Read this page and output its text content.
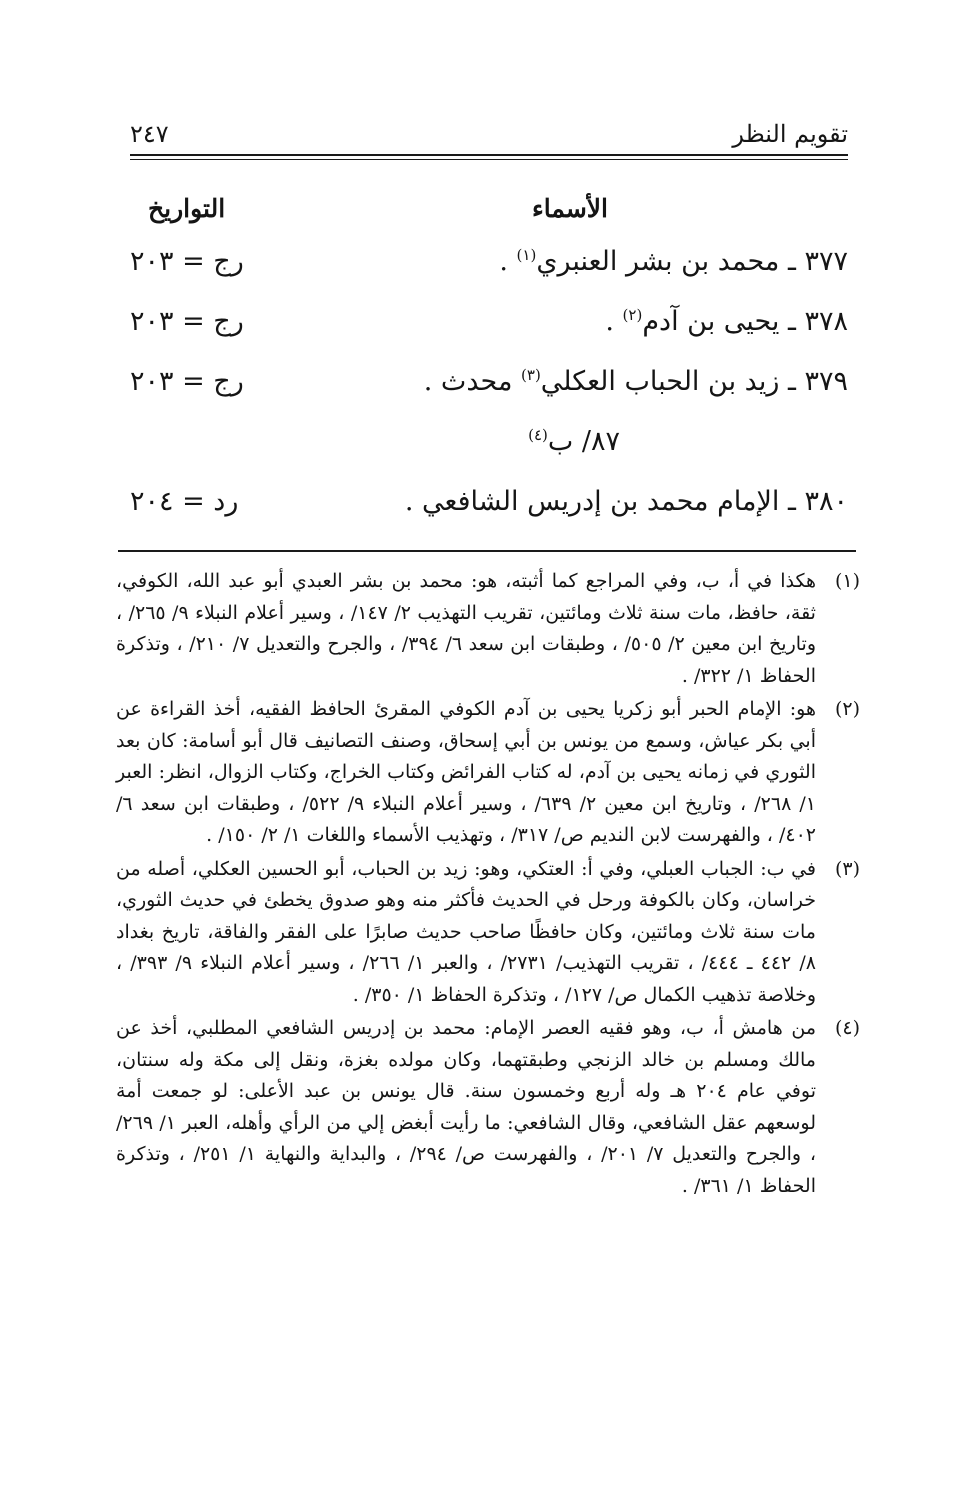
تقويم النظر
٢٤٧
الأسماء
التواريخ
٣٧٧ ـ محمد بن بشر العنبري$^{(١)}$ .
رج = ٢٠٣
٣٧٨ ـ يحيى بن آدم$^{(٢)}$ .
رج = ٢٠٣
٣٧٩ ـ زيد بن الحباب العكلي$^{(٣)}$ محدث .
رج = ٢٠٣
٨٧/ ب$^{(٤)}$
٣٨٠ ـ الإمام محمد بن إدريس الشافعي .
رد = ٢٠٤
(١)
هكذا في أ، ب، وفي المراجع كما أثبته، هو: محمد بن بشر العبدي أبو عبد الله، الكوفي، ثقة، حافظ، مات سنة ثلاث ومائتين، تقريب التهذيب ٢/ ١٤٧/ ، وسير أعلام النبلاء ٩/ ٢٦٥/ ، وتاريخ ابن معين ٢/ ٥٠٥/ ، وطبقات ابن سعد ٦/ ٣٩٤/ ، والجرح والتعديل ٧/ ٢١٠/ ، وتذكرة الحفاظ ١/ ٣٢٢/ .
(٢)
هو: الإمام الحبر أبو زكريا يحيى بن آدم الكوفي المقرئ الحافظ الفقيه، أخذ القراءة عن أبي بكر عياش، وسمع من يونس بن أبي إسحاق، وصنف التصانيف قال أبو أسامة: كان بعد الثوري في زمانه يحيى بن آدم، له كتاب الفرائض وكتاب الخراج، وكتاب الزوال، انظر: العبر ١/ ٢٦٨/ ، وتاريخ ابن معين ٢/ ٦٣٩/ ، وسير أعلام النبلاء ٩/ ٥٢٢/ ، وطبقات ابن سعد ٦/ ٤٠٢/ ، والفهرست لابن النديم ص/ ٣١٧/ ، وتهذيب الأسماء واللغات ١/ ٢/ ١٥٠/ .
(٣)
في ب: الجباب العبلي، وفي أ: العتكي، وهو: زيد بن الحباب، أبو الحسين العكلي، أصله من خراسان، وكان بالكوفة ورحل في الحديث فأكثر منه وهو صدوق يخطئ في حديث الثوري، مات سنة ثلاث ومائتين، وكان حافظًا صاحب حديث صابرًا على الفقر والفاقة، تاريخ بغداد ٨/ ٤٤٢ ـ ٤٤٤/ ، تقريب التهذيب/ ٢٧٣١/ ، والعبر ١/ ٢٦٦/ ، وسير أعلام النبلاء ٩/ ٣٩٣/ ، وخلاصة تذهيب الكمال ص/ ١٢٧/ ، وتذكرة الحفاظ ١/ ٣٥٠/ .
(٤)
من هامش أ، ب، وهو فقيه العصر الإمام: محمد بن إدريس الشافعي المطلبي، أخذ عن مالك ومسلم بن خالد الزنجي وطبقتهما، وكان مولده بغزة، ونقل إلى مكة وله سنتان، توفي عام ٢٠٤ هـ وله أربع وخمسون سنة. قال يونس بن عبد الأعلى: لو جمعت أمة لوسعهم عقل الشافعي، وقال الشافعي: ما رأيت أبغض إلي من الرأي وأهله، العبر ١/ ٢٦٩/ ، والجرح والتعديل ٧/ ٢٠١/ ، والفهرست ص/ ٢٩٤/ ، والبداية والنهاية ١/ ٢٥١/ ، وتذكرة الحفاظ ١/ ٣٦١/ .
